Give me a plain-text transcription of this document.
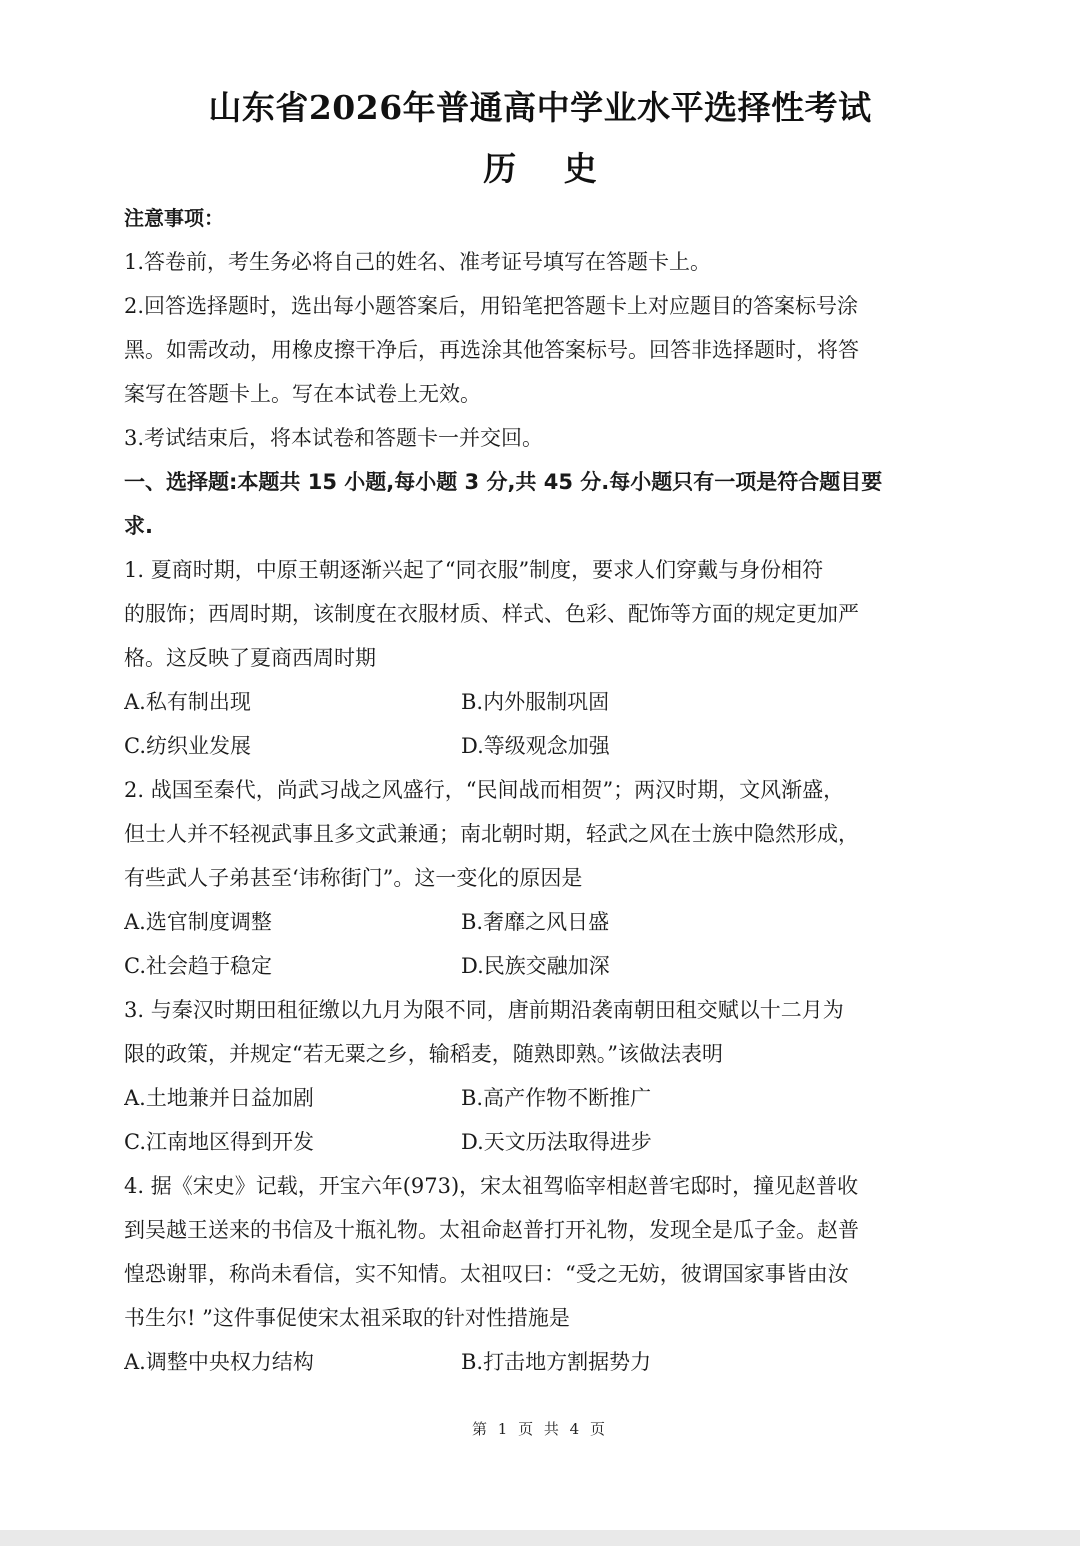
山东省2026年普通高中学业水平选择性考试
历 史
注意事项：
1.答卷前，考生务必将自己的姓名、准考证号填写在答题卡上。
2.回答选择题时，选出每小题答案后，用铅笔把答题卡上对应题目的答案标号涂
黑。如需改动，用橡皮擦干净后，再选涂其他答案标号。回答非选择题时，将答
案写在答题卡上。写在本试卷上无效。
3.考试结束后，将本试卷和答题卡一并交回。
一、选择题:本题共 15 小题,每小题 3 分,共 45 分.每小题只有一项是符合题目要
求.
1. 夏商时期，中原王朝逐渐兴起了“同衣服”制度，要求人们穿戴与身份相符
的服饰；西周时期，该制度在衣服材质、样式、色彩、配饰等方面的规定更加严
格。这反映了夏商西周时期
A.私有制出现	B.内外服制巩固
C.纺织业发展	D.等级观念加强
2. 战国至秦代，尚武习战之风盛行，“民间战而相贺”；两汉时期，文风渐盛，
但士人并不轻视武事且多文武兼通；南北朝时期，轻武之风在士族中隐然形成，
有些武人子弟甚至‘讳称街门”。这一变化的原因是
A.选官制度调整	B.奢靡之风日盛
C.社会趋于稳定	D.民族交融加深
3. 与秦汉时期田租征缴以九月为限不同，唐前期沿袭南朝田租交赋以十二月为
限的政策，并规定“若无粟之乡，输稻麦，随熟即熟。”该做法表明
A.土地兼并日益加剧	B.高产作物不断推广
C.江南地区得到开发	D.天文历法取得进步
4. 据《宋史》记载，开宝六年(973)，宋太祖驾临宰相赵普宅邸时，撞见赵普收
到吴越王送来的书信及十瓶礼物。太祖命赵普打开礼物，发现全是瓜子金。赵普
惶恐谢罪，称尚未看信，实不知情。太祖叹曰：“受之无妨，彼谓国家事皆由汝
书生尔! ”这件事促使宋太祖采取的针对性措施是
A.调整中央权力结构	B.打击地方割据势力
第 1 页 共 4 页
